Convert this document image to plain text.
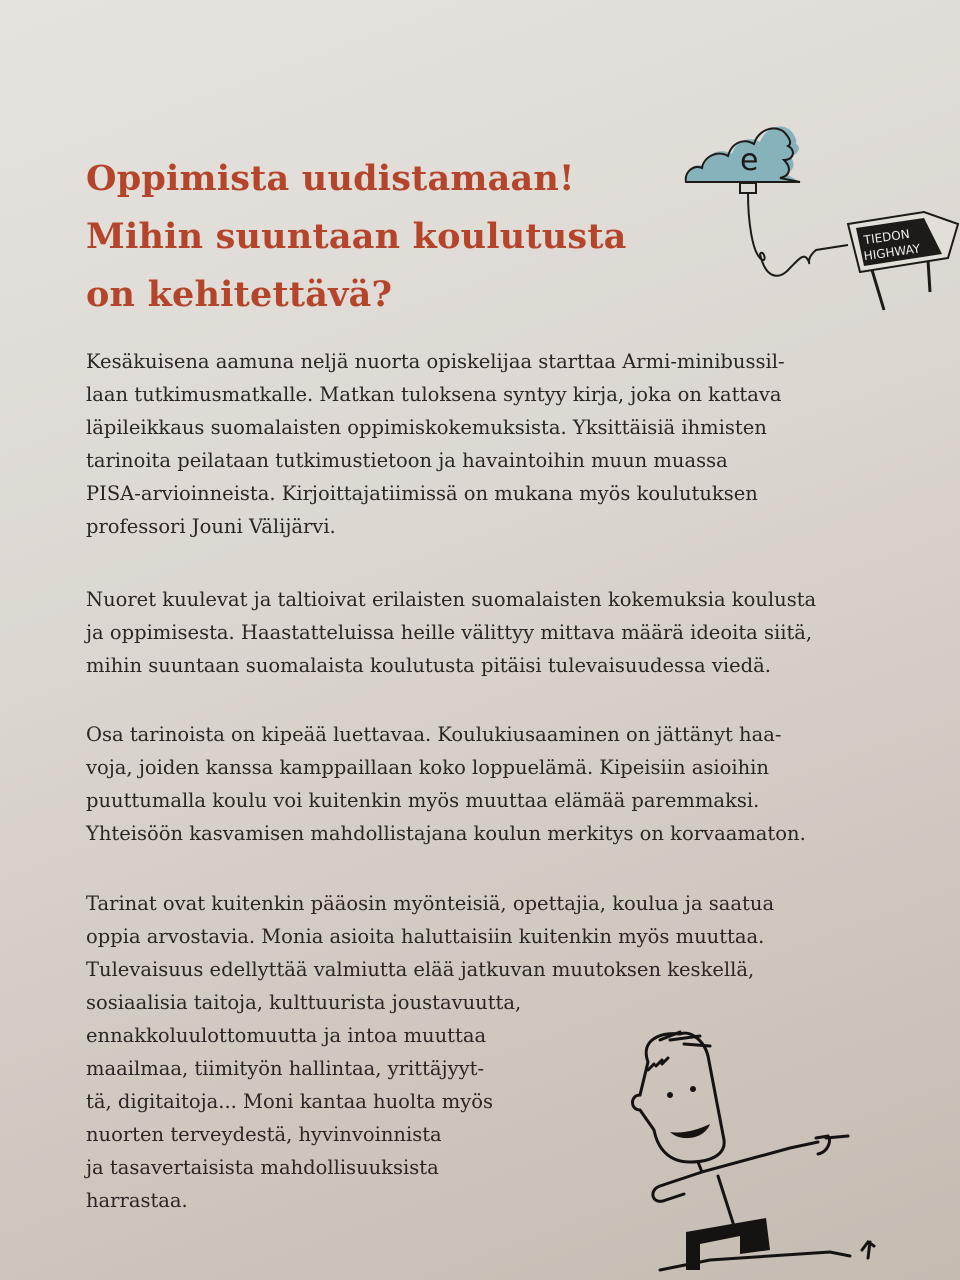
Oppimista uudistamaan!
Mihin suuntaan koulutusta
on kehitettävä?
e
TIEDON
HIGHWAY
Kesäkuisena aamuna neljä nuorta opiskelijaa starttaa Armi-minibussil-
laan tutkimusmatkalle. Matkan tuloksena syntyy kirja, joka on kattava
läpileikkaus suomalaisten oppimiskokemuksista. Yksittäisiä ihmisten
tarinoita peilataan tutkimustietoon ja havaintoihin muun muassa
PISA-arvioinneista. Kirjoittajatiimissä on mukana myös koulutuksen
professori Jouni Välijärvi.
Nuoret kuulevat ja taltioivat erilaisten suomalaisten kokemuksia koulusta
ja oppimisesta. Haastatteluissa heille välittyy mittava määrä ideoita siitä,
mihin suuntaan suomalaista koulutusta pitäisi tulevaisuudessa viedä.
Osa tarinoista on kipeää luettavaa. Koulukiusaaminen on jättänyt haa-
voja, joiden kanssa kamppaillaan koko loppuelämä. Kipeisiin asioihin
puuttumalla koulu voi kuitenkin myös muuttaa elämää paremmaksi.
Yhteisöön kasvamisen mahdollistajana koulun merkitys on korvaamaton.
Tarinat ovat kuitenkin pääosin myönteisiä, opettajia, koulua ja saatua
oppia arvostavia. Monia asioita haluttaisiin kuitenkin myös muuttaa.
Tulevaisuus edellyttää valmiutta elää jatkuvan muutoksen keskellä,
sosiaalisia taitoja, kulttuurista joustavuutta,
ennakkoluulottomuutta ja intoa muuttaa
maailmaa, tiimityön hallintaa, yrittäjyyt-
tä, digitaitoja... Moni kantaa huolta myös
nuorten terveydestä, hyvinvoinnista
ja tasavertaisista mahdollisuuksista
harrastaa.
